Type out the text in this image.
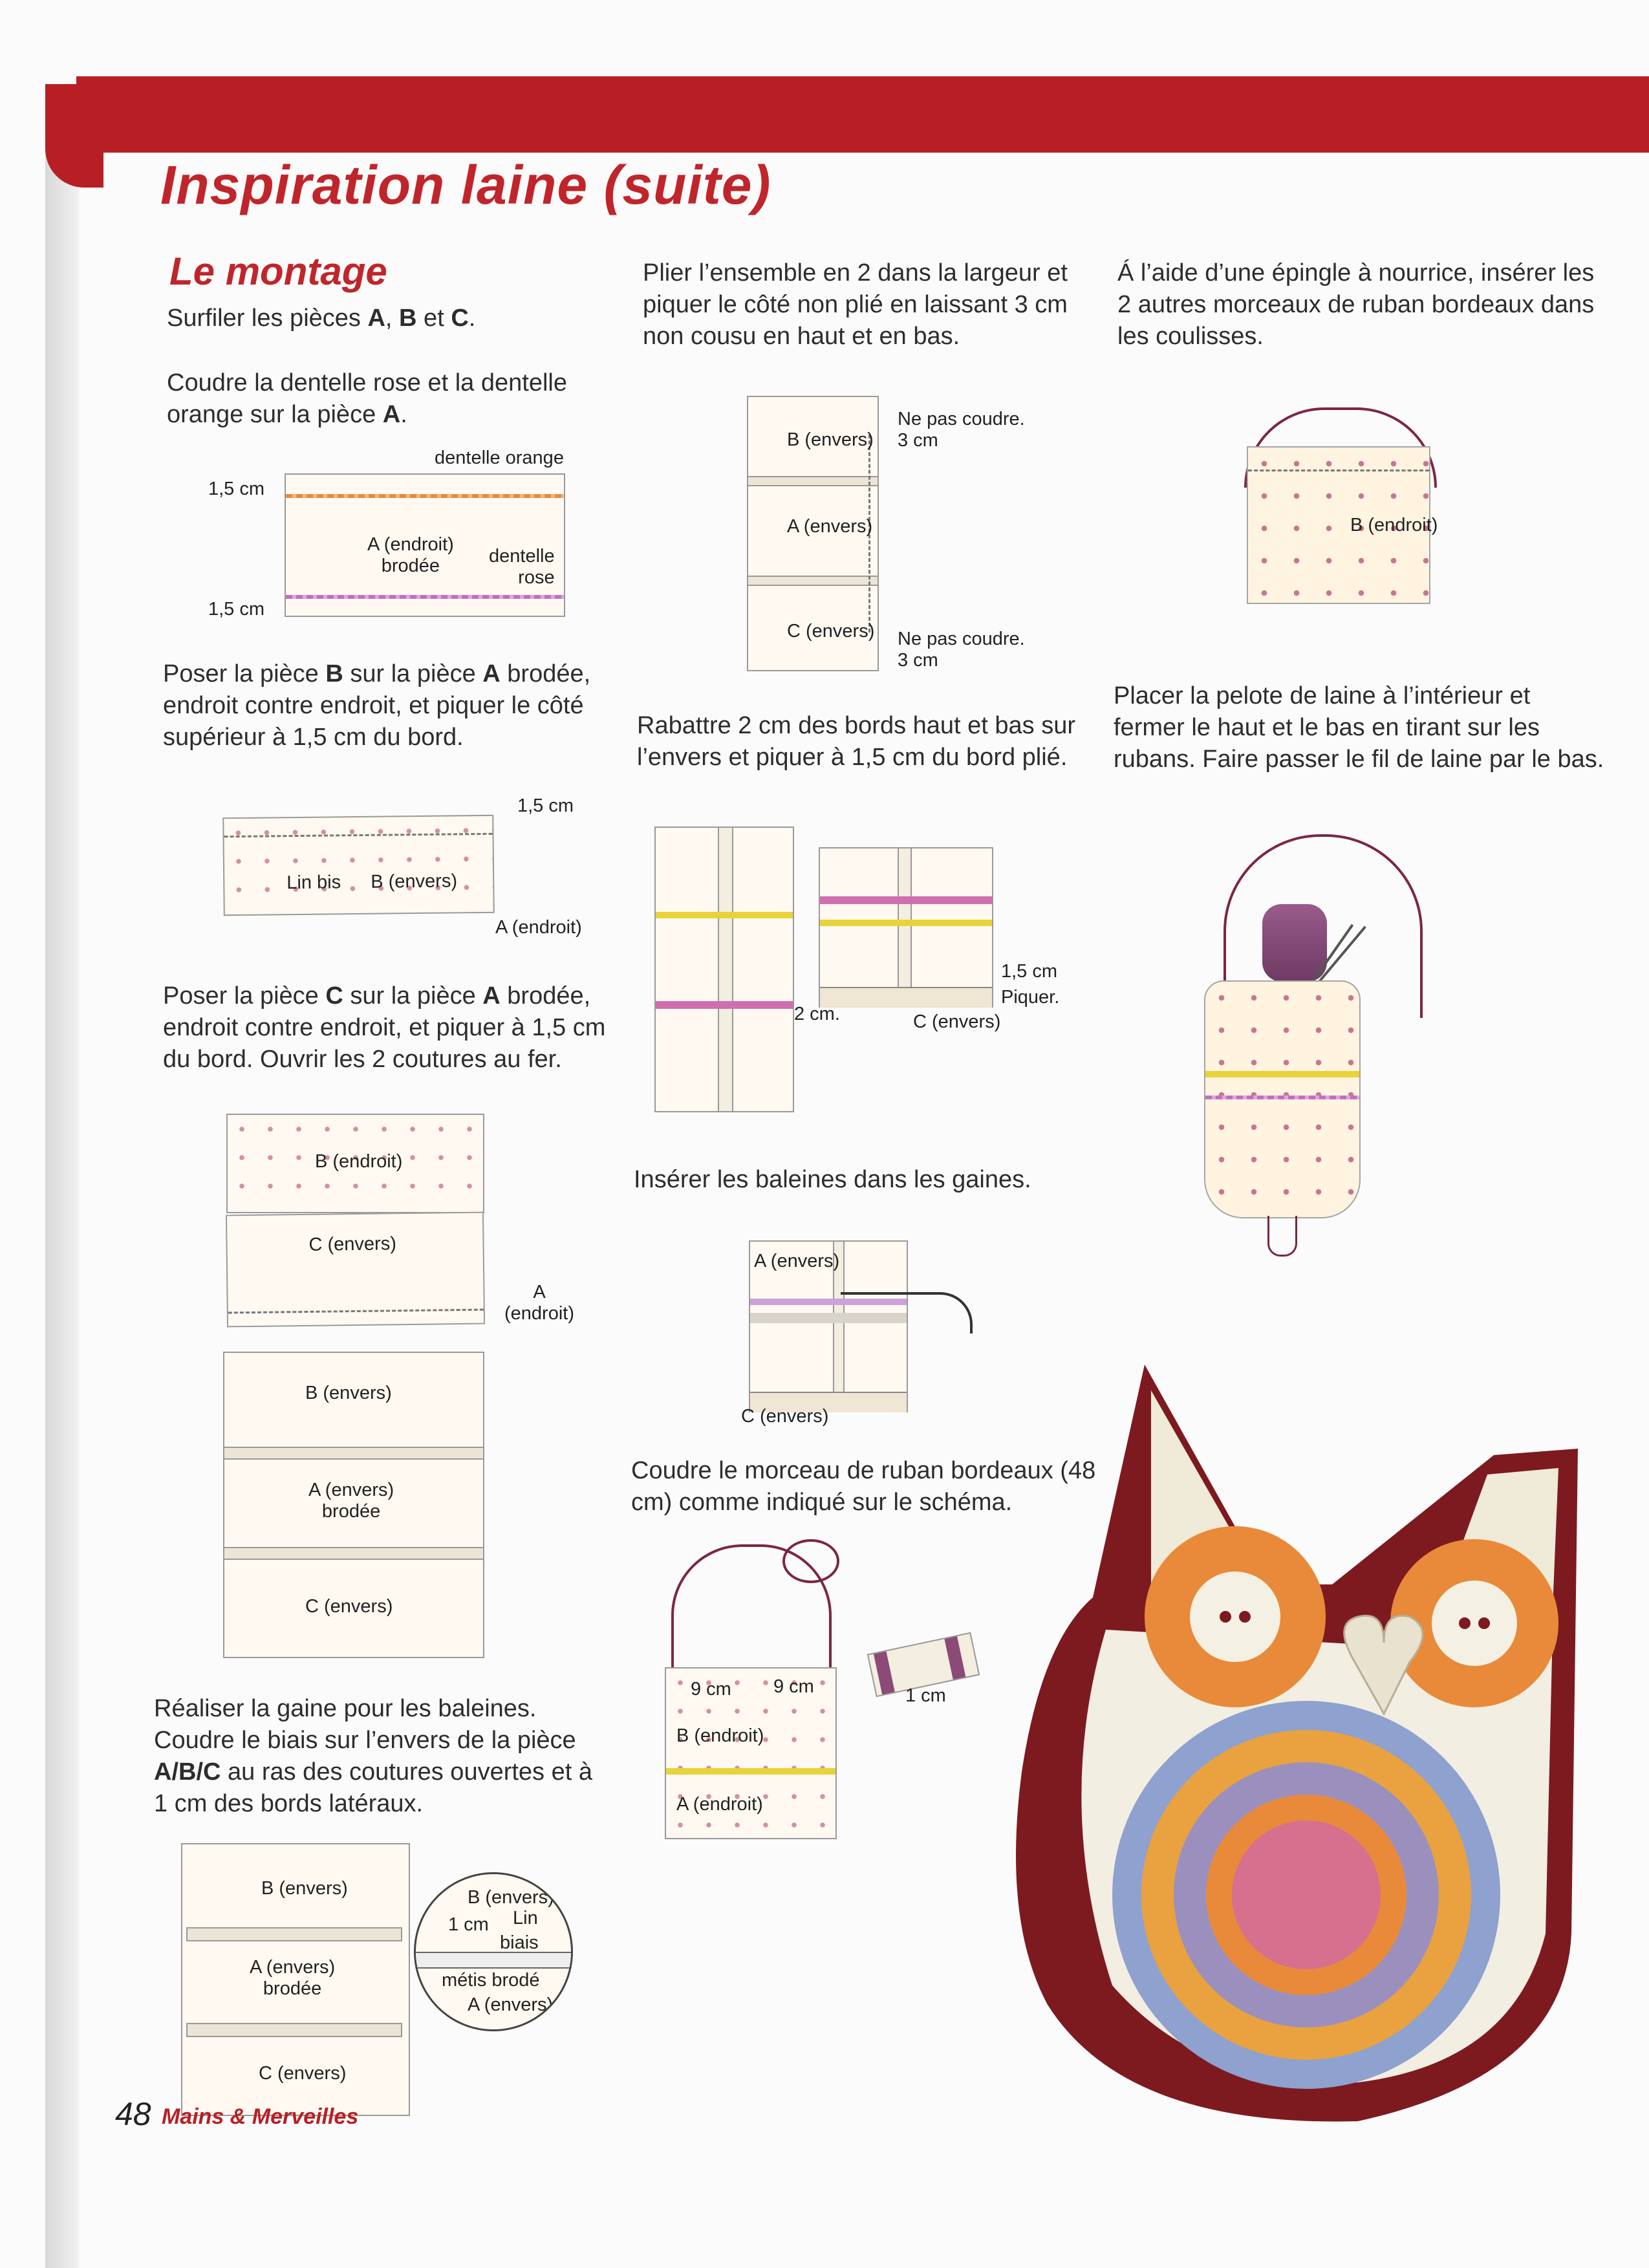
Inspiration laine (suite)
Le montage
Surfiler les pièces A, B et C.
Coudre la dentelle rose et la dentelle orange sur la pièce A.
A (endroit)
brodée	dentelle
rose
dentelle orange
1,5 cm
1,5 cm
Poser la pièce B sur la pièce A brodée, endroit contre endroit, et piquer le côté supérieur à 1,5 cm du bord.
Lin bis B (envers)
1,5 cm
A (endroit)
Poser la pièce C sur la pièce A brodée, endroit contre endroit, et piquer à 1,5 cm du bord. Ouvrir les 2 coutures au fer.
B (endroit)
C (envers)
A
(endroit)
B (envers)
A (envers)
brodée
C (envers)
Réaliser la gaine pour les baleines. Coudre le biais sur l’envers de la pièce A/B/C au ras des coutures ouvertes et à 1 cm des bords latéraux.
B (envers)
A (envers)
brodée
C (envers)
B (envers)
1 cm Lin
biais
métis brodé
A (envers)
Plier l’ensemble en 2 dans la largeur et piquer le côté non plié en laissant 3 cm non cousu en haut et en bas.
B (envers)
A (envers)
C (envers)
Ne pas coudre.
3 cm
Ne pas coudre.
3 cm
Rabattre 2 cm des bords haut et bas sur l’envers et piquer à 1,5 cm du bord plié.
1,5 cm
Piquer.
2 cm.	C (envers)
Insérer les baleines dans les gaines.
A (envers)
C (envers)
Coudre le morceau de ruban bordeaux (48 cm) comme indiqué sur le schéma.
B (endroit)
A (endroit)
9 cm 9 cm	1 cm
Á l’aide d’une épingle à nourrice, insérer les 2 autres morceaux de ruban bordeaux dans les coulisses.
B (endroit)
Placer la pelote de laine à l’intérieur et fermer le haut et le bas en tirant sur les rubans. Faire passer le fil de laine par le bas.
48 Mains & Merveilles
